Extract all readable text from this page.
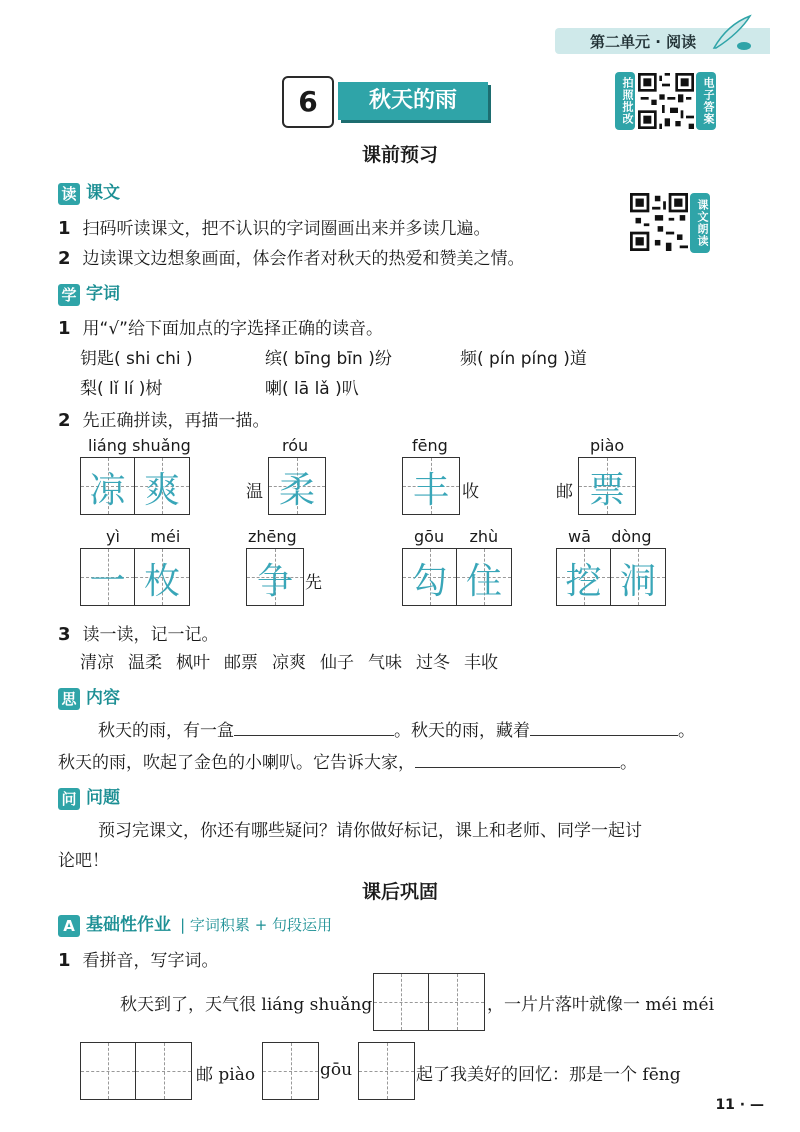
第二单元 · 阅读
6	秋天的雨	拍照批改	电子答案
课前预习
读 课文
1 扫码听读课文，把不认识的字词圈画出来并多读几遍。
2 边读课文边想象画面，体会作者对秋天的热爱和赞美之情。
课文朗读
学 字词
1 用“√”给下面加点的字选择正确的读音。
钥匙( shi chi )	缤( bīng bīn )纷	频( pín píng )道
梨( lǐ lí )树	喇( lā lǎ )叭
2 先正确拼读，再描一描。
liáng shuǎng
凉 爽
róu
温 柔
fēng
丰 收
piào
邮 票
yì      méi
一 枚
zhēng
争 先
gōu     zhù
勾 住
wā    dòng
挖 洞
3 读一读，记一记。
清凉 温柔 枫叶 邮票 凉爽 仙子 气味 过冬 丰收
思 内容
秋天的雨，有一盒	。秋天的雨，藏着	。
秋天的雨，吹起了金色的小喇叭。它告诉大家，	。
问 问题
预习完课文，你还有哪些疑问？请你做好标记，课上和老师、同学一起讨
论吧！
课后巩固
A 基础性作业 | 字词积累 + 句段运用
1 看拼音，写字词。
秋天到了，天气很 liáng shuǎng	，一片片落叶就像一 méi méi
邮 piào	gōu	起了我美好的回忆：那是一个 fēng
11 · —
